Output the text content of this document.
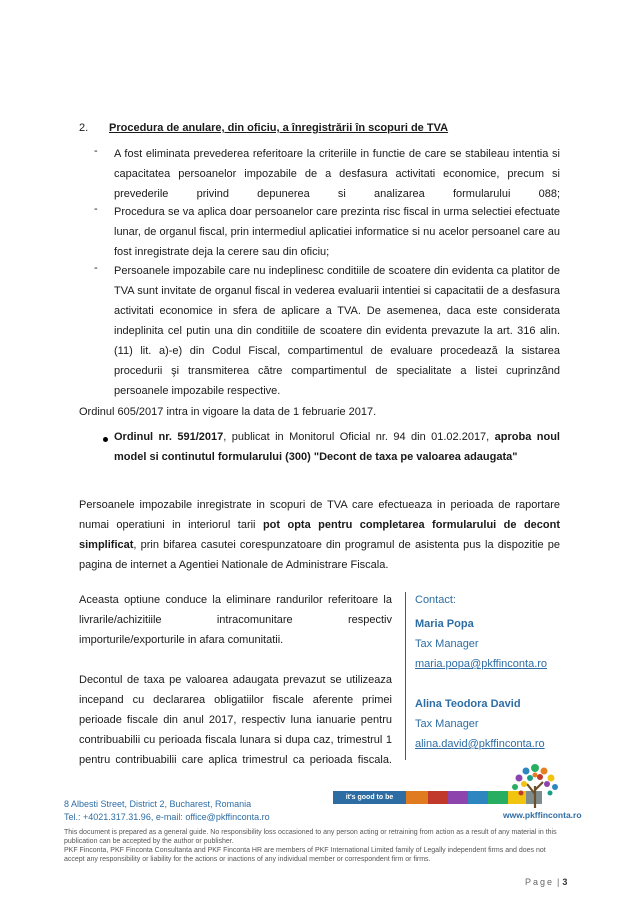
2. Procedura de anulare, din oficiu, a înregistrării în scopuri de TVA
- A fost eliminata prevederea referitoare la criteriile in functie de care se stabileau intentia si capacitatea persoanelor impozabile de a desfasura activitati economice, precum si prevederile privind depunerea si analizarea formularului 088;
- Procedura se va aplica doar persoanelor care prezinta risc fiscal in urma selectiei efectuate lunar, de organul fiscal, prin intermediul aplicatiei informatice si nu acelor persoanel care au fost inregistrate deja la cerere sau din oficiu;
- Persoanele impozabile care nu indeplinesc conditiile de scoatere din evidenta ca platitor de TVA sunt invitate de organul fiscal in vederea evaluarii intentiei si capacitatii de a desfasura activitati economice in sfera de aplicare a TVA. De asemenea, daca este considerata indeplinita cel putin una din conditiile de scoatere din evidenta prevazute la art. 316 alin. (11) lit. a)-e) din Codul Fiscal, compartimentul de evaluare procedează la sistarea procedurii şi transmiterea către compartimentul de specialitate a listei cuprinzând persoanele impozabile respective.
Ordinul 605/2017 intra in vigoare la data de 1 februarie 2017.
Ordinul nr. 591/2017, publicat in Monitorul Oficial nr. 94 din 01.02.2017, aproba noul model si continutul formularului (300) "Decont de taxa pe valoarea adaugata"
Persoanele impozabile inregistrate in scopuri de TVA care efectueaza in perioada de raportare numai operatiuni in interiorul tarii pot opta pentru completarea formularului de decont simplificat, prin bifarea casutei corespunzatoare din programul de asistenta pus la dispozitie pe pagina de internet a Agentiei Nationale de Administrare Fiscala.

Aceasta optiune conduce la eliminare randurilor referitoare la livrarile/achizitiile intracomunitare respectiv importurile/exporturile in afara comunitatii.

Decontul de taxa pe valoarea adaugata prevazut se utilizeaza incepand cu declararea obligatiilor fiscale aferente primei perioade fiscale din anul 2017, respectiv luna ianuarie pentru contribuabilii cu perioada fiscala lunara si dupa caz, trimestrul 1 pentru contribuabilii care aplica trimestrul ca perioada fiscala.

Contact:
Maria Popa
Tax Manager
maria.popa@pkffinconta.ro
Alina Teodora David
Tax Manager
alina.david@pkffinconta.ro
8 Albesti Street, District 2, Bucharest, Romania
Tel.: +4021.317.31.96, e-mail: office@pkffinconta.ro
it's good to be trusted!	www.pkffinconta.ro
This document is prepared as a general guide. No responsibility loss occasioned to any person acting or retraining from action as a result of any material in this publication can be accepted by the author or publisher.
PKF Finconta, PKF Finconta Consultanta and PKF Finconta HR are members of PKF International Limited family of Legally independent firms and does not accept any responsibility or liability for the actions or inactions of any individual member or correspondent firm or firms.
Page | 3
